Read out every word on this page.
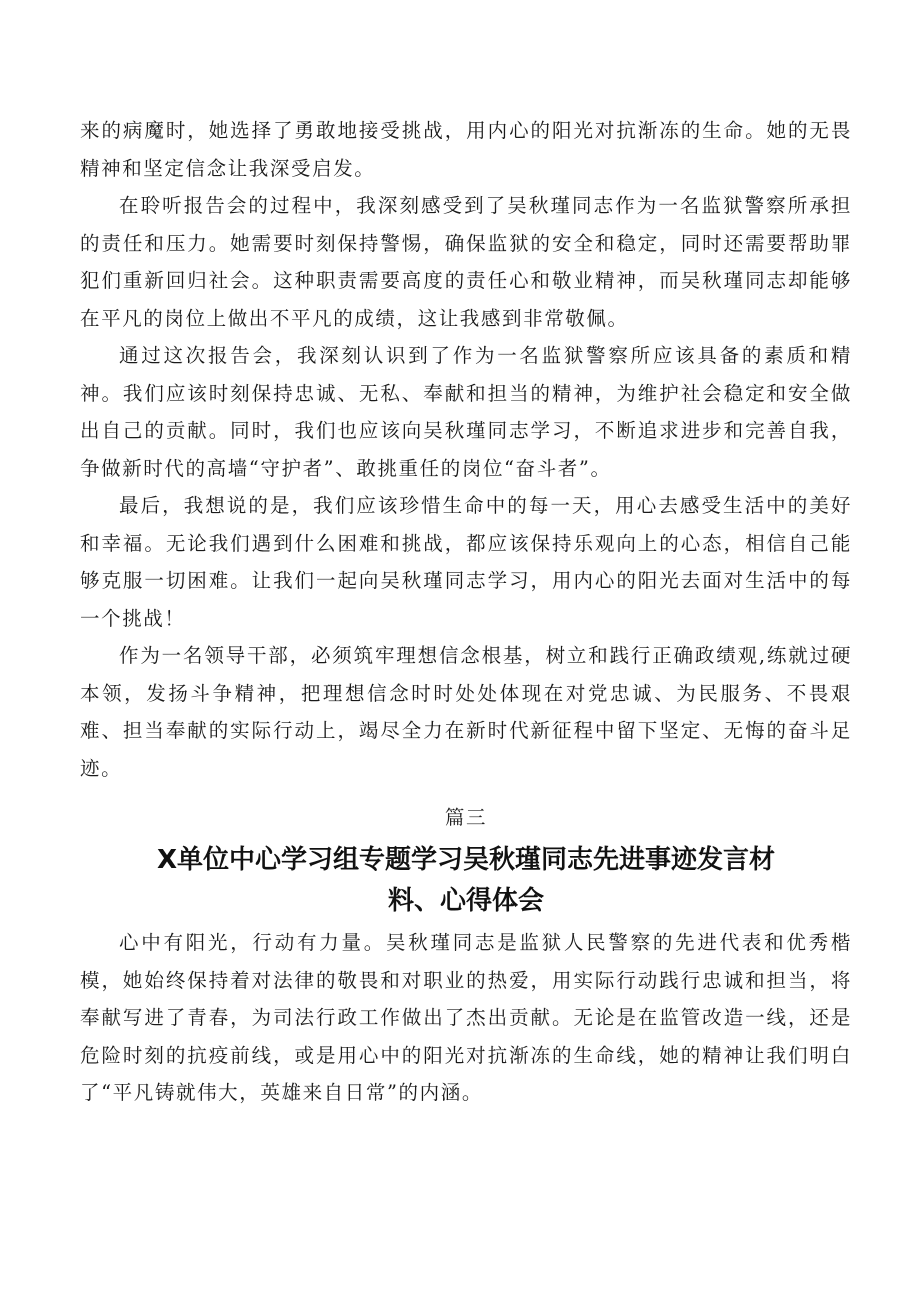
来的病魔时，她选择了勇敢地接受挑战，用内心的阳光对抗渐冻的生命。她的无畏精神和坚定信念让我深受启发。

在聆听报告会的过程中，我深刻感受到了吴秋瑾同志作为一名监狱警察所承担的责任和压力。她需要时刻保持警惕，确保监狱的安全和稳定，同时还需要帮助罪犯们重新回归社会。这种职责需要高度的责任心和敬业精神，而吴秋瑾同志却能够在平凡的岗位上做出不平凡的成绩，这让我感到非常敬佩。

通过这次报告会，我深刻认识到了作为一名监狱警察所应该具备的素质和精神。我们应该时刻保持忠诚、无私、奉献和担当的精神，为维护社会稳定和安全做出自己的贡献。同时，我们也应该向吴秋瑾同志学习，不断追求进步和完善自我，争做新时代的高墙“守护者”、敢挑重任的岗位“奋斗者”。

最后，我想说的是，我们应该珍惜生命中的每一天，用心去感受生活中的美好和幸福。无论我们遇到什么困难和挑战，都应该保持乐观向上的心态，相信自己能够克服一切困难。让我们一起向吴秋瑾同志学习，用内心的阳光去面对生活中的每一个挑战！

作为一名领导干部，必须筑牢理想信念根基，树立和践行正确政绩观,练就过硬本领，发扬斗争精神，把理想信念时时处处体现在对党忠诚、为民服务、不畏艰难、担当奉献的实际行动上，竭尽全力在新时代新征程中留下坚定、无悔的奋斗足迹。

篇三

X单位中心学习组专题学习吴秋瑾同志先进事迹发言材料、心得体会

心中有阳光，行动有力量。吴秋瑾同志是监狱人民警察的先进代表和优秀楷模，她始终保持着对法律的敬畏和对职业的热爱，用实际行动践行忠诚和担当，将奉献写进了青春，为司法行政工作做出了杰出贡献。无论是在监管改造一线，还是危险时刻的抗疫前线，或是用心中的阳光对抗渐冻的生命线，她的精神让我们明白了“平凡铸就伟大，英雄来自日常”的内涵。
